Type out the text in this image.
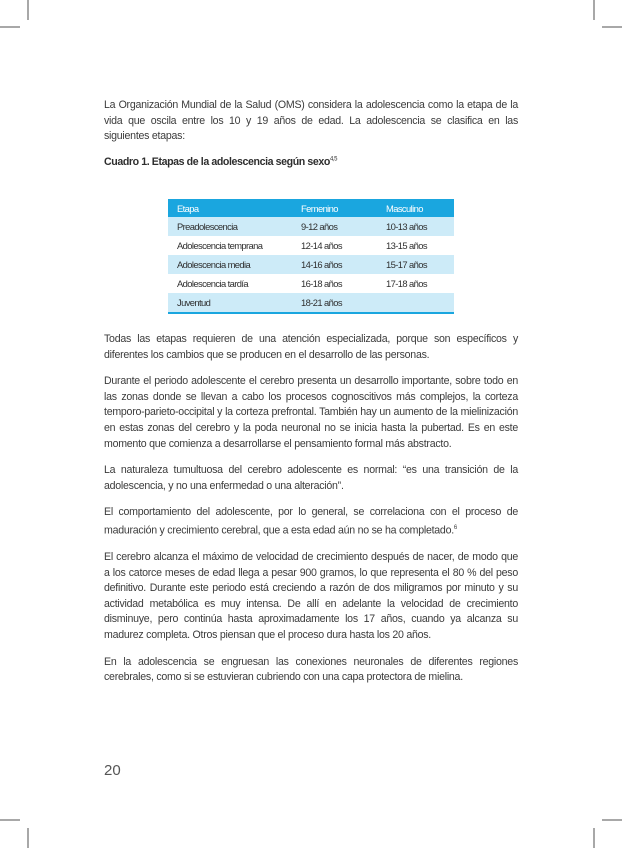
La Organización Mundial de la Salud (OMS) considera la adolescencia como la etapa de la vida que oscila entre los 10 y 19 años de edad. La adolescencia se clasifica en las siguientes etapas:

Cuadro 1. Etapas de la adolescencia según sexo$^{4,5}$

Etapa	Femenino	Masculino
Preadolescencia	9-12 años	10-13 años
Adolescencia temprana	12-14 años	13-15 años
Adolescencia media	14-16 años	15-17 años
Adolescencia tardía	16-18 años	17-18 años
Juventud	18-21 años	

Todas las etapas requieren de una atención especializada, porque son específicos y diferentes los cambios que se producen en el desarrollo de las personas.

Durante el periodo adolescente el cerebro presenta un desarrollo importante, sobre todo en las zonas donde se llevan a cabo los procesos cognoscitivos más complejos, la corteza temporo-parieto-occipital y la corteza prefrontal. También hay un aumento de la mielinización en estas zonas del cerebro y la poda neuronal no se inicia hasta la pubertad. Es en este momento que comienza a desarrollarse el pensamiento formal más abstracto.

La naturaleza tumultuosa del cerebro adolescente es normal: “es una transición de la adolescencia, y no una enfermedad o una alteración”.

El comportamiento del adolescente, por lo general, se correlaciona con el proceso de maduración y crecimiento cerebral, que a esta edad aún no se ha completado.$^6$

El cerebro alcanza el máximo de velocidad de crecimiento después de nacer, de modo que a los catorce meses de edad llega a pesar 900 gramos, lo que representa el 80 % del peso definitivo. Durante este periodo está creciendo a razón de dos miligramos por minuto y su actividad metabólica es muy intensa. De allí en adelante la velocidad de crecimiento disminuye, pero continúa hasta aproximadamente los 17 años, cuando ya alcanza su madurez completa. Otros piensan que el proceso dura hasta los 20 años.

En la adolescencia se engruesan las conexiones neuronales de diferentes regiones cerebrales, como si se estuvieran cubriendo con una capa protectora de mielina.

20
